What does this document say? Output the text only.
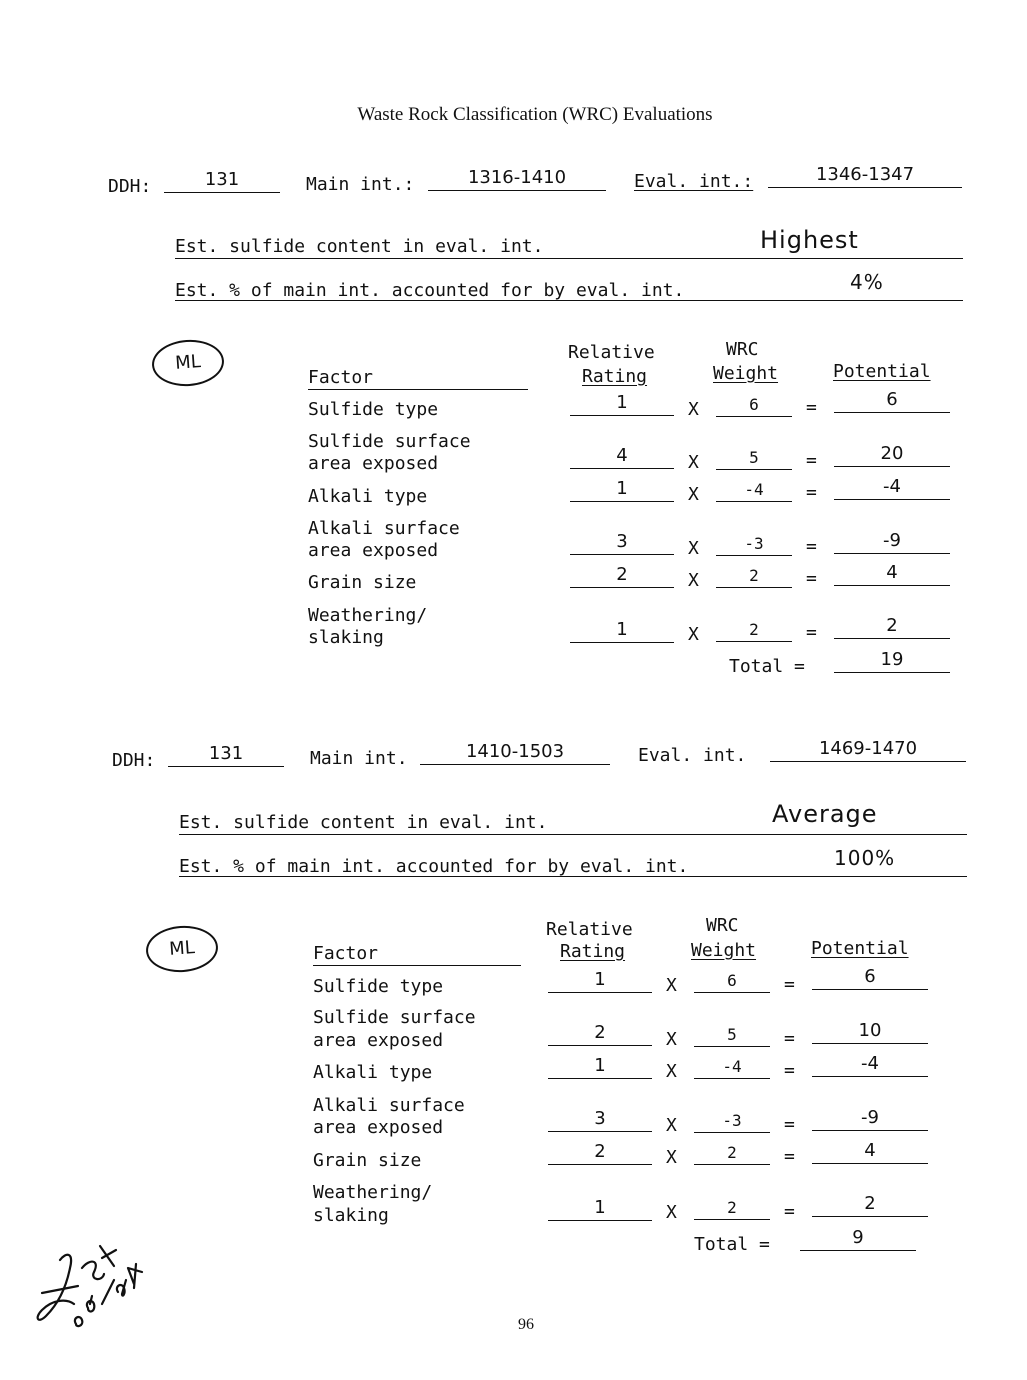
Waste Rock Classification (WRC) Evaluations
DDH:	131	Main int.:	1316-1410	Eval. int.:	1346-1347
Est. sulfide content in eval. int.	Highest
Est. % of main int. accounted for by eval. int.	4%
ML
Factor
Relative
Rating
WRC
Weight	Potential
Sulfide type	1	X	6	=	6
Sulfide surface
area exposed	4	X	5	=	20
Alkali type	1	X	-4	=	-4
Alkali surface
area exposed	3	X	-3	=	-9
Grain size	2	X	2	=	4
Weathering/
slaking	1	X	2	=	2
Total =	19
DDH:	131	Main int.	1410-1503	Eval. int.	1469-1470
Est. sulfide content in eval. int.	Average
Est. % of main int. accounted for by eval. int.	100%
ML	Factor
Relative
Rating
WRC
Weight	Potential
Sulfide type	1	X	6	=	6
Sulfide surface
area exposed	2	X	5	=	10
Alkali type	1	X	-4	=	-4
Alkali surface
area exposed	3	X	-3	=	-9
Grain size	2	X	2	=	4
Weathering/
slaking	1	X	2	=	2
Total =	9
96
